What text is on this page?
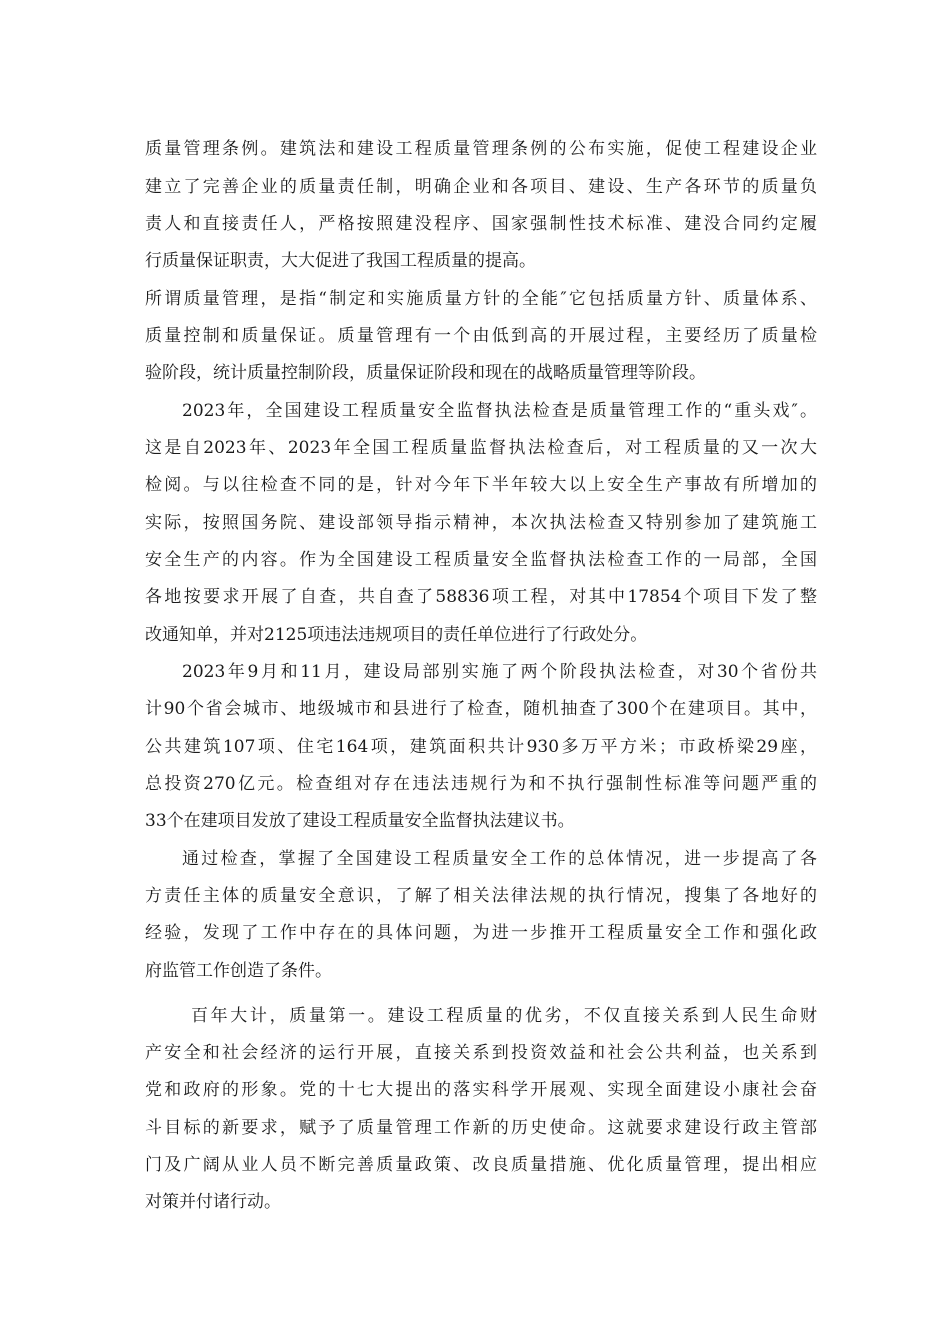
质量管理条例。建筑法和建设工程质量管理条例的公布实施，促使工程建设企业
建立了完善企业的质量责任制，明确企业和各项目、建设、生产各环节的质量负
责人和直接责任人，严格按照建没程序、国家强制性技术标准、建没合同约定履
行质量保证职责，大大促进了我国工程质量的提高。
所谓质量管理，是指“制定和实施质量方针的全能″它包括质量方针、质量体系、
质量控制和质量保证。质量管理有一个由低到高的开展过程，主要经历了质量检
验阶段，统计质量控制阶段，质量保证阶段和现在的战略质量管理等阶段。
2023年，全国建设工程质量安全监督执法检查是质量管理工作的“重头戏″。
这是自2023年、2023年全国工程质量监督执法检查后，对工程质量的又一次大
检阅。与以往检查不同的是，针对今年下半年较大以上安全生产事故有所增加的
实际，按照国务院、建设部领导指示精神，本次执法检查又特别参加了建筑施工
安全生产的内容。作为全国建设工程质量安全监督执法检查工作的一局部，全国
各地按要求开展了自查，共自查了58836项工程，对其中17854个项目下发了整
改通知单，并对2125项违法违规项目的责任单位进行了行政处分。
2023年9月和11月，建设局部别实施了两个阶段执法检查，对30个省份共
计90个省会城市、地级城市和县进行了检查，随机抽查了300个在建项目。其中，
公共建筑107项、住宅164项，建筑面积共计930多万平方米；市政桥梁29座，
总投资270亿元。检查组对存在违法违规行为和不执行强制性标准等问题严重的
33个在建项目发放了建设工程质量安全监督执法建议书。
通过检查，掌握了全国建设工程质量安全工作的总体情况，进一步提高了各
方责任主体的质量安全意识，了解了相关法律法规的执行情况，搜集了各地好的
经验，发现了工作中存在的具体问题，为进一步推开工程质量安全工作和强化政
府监管工作创造了条件。
百年大计，质量第一。建设工程质量的优劣，不仅直接关系到人民生命财
产安全和社会经济的运行开展，直接关系到投资效益和社会公共利益，也关系到
党和政府的形象。党的十七大提出的落实科学开展观、实现全面建设小康社会奋
斗目标的新要求，赋予了质量管理工作新的历史使命。这就要求建设行政主管部
门及广阔从业人员不断完善质量政策、改良质量措施、优化质量管理，提出相应
对策并付诸行动。
